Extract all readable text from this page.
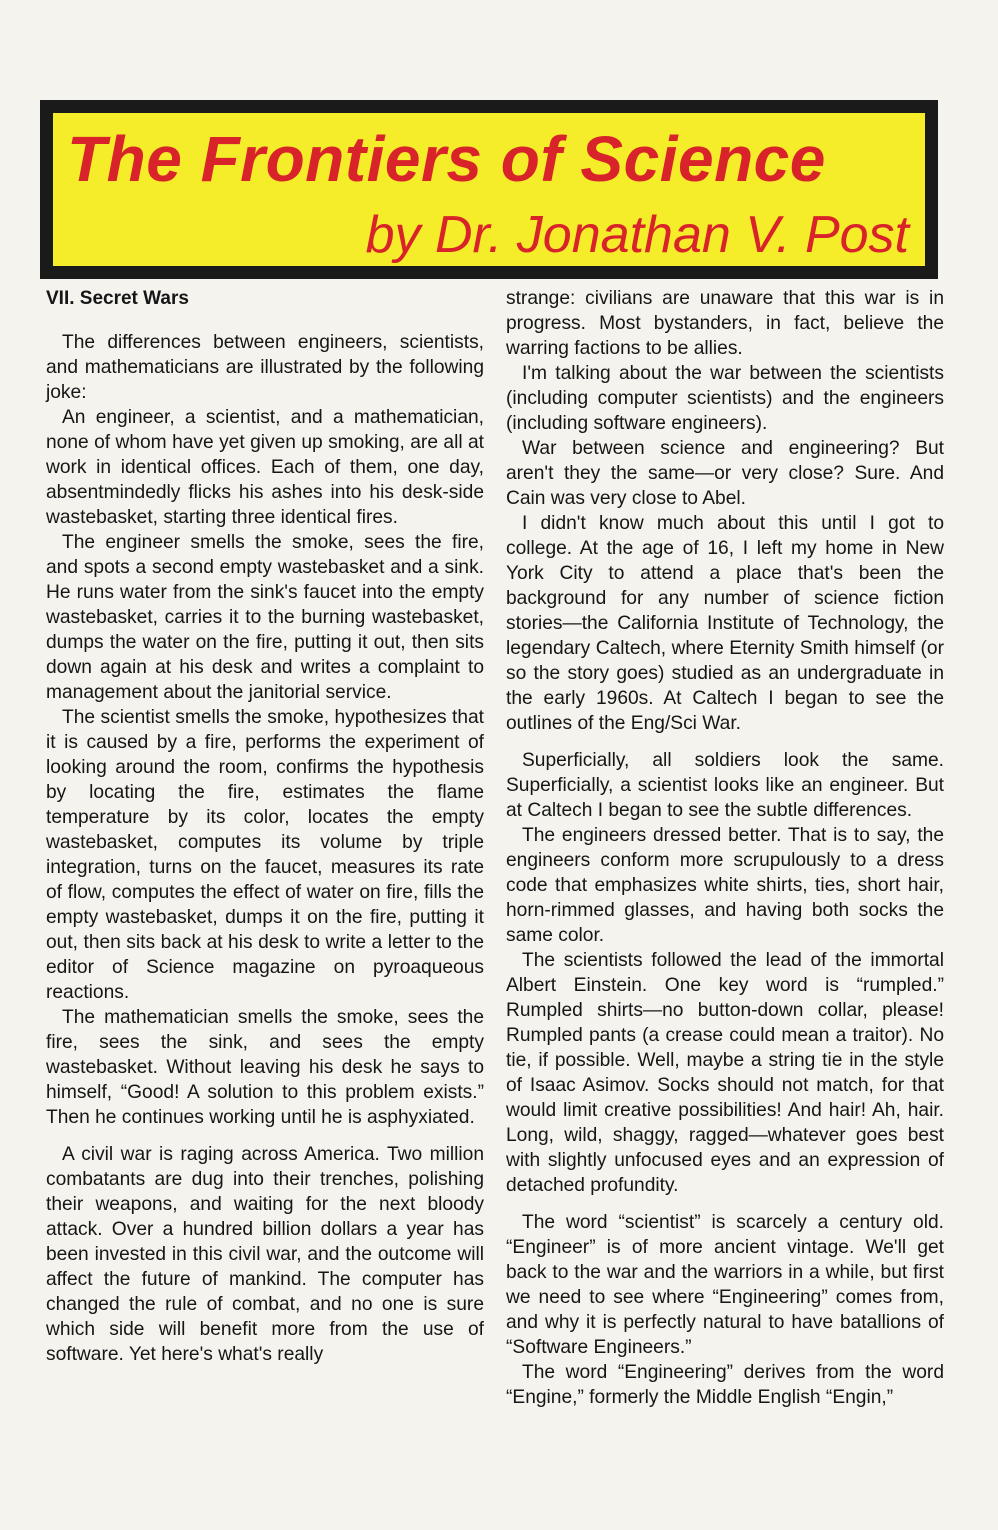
The Frontiers of Science
by Dr. Jonathan V. Post
VII. Secret Wars

The differences between engineers, scientists, and mathematicians are illustrated by the following joke:

An engineer, a scientist, and a mathematician, none of whom have yet given up smoking, are all at work in identical offices. Each of them, one day, absentmindedly flicks his ashes into his desk-side wastebasket, starting three identical fires.

The engineer smells the smoke, sees the fire, and spots a second empty wastebasket and a sink. He runs water from the sink's faucet into the empty wastebasket, carries it to the burning wastebasket, dumps the water on the fire, putting it out, then sits down again at his desk and writes a complaint to management about the janitorial service.

The scientist smells the smoke, hypothesizes that it is caused by a fire, performs the experiment of looking around the room, confirms the hypothesis by locating the fire, estimates the flame temperature by its color, locates the empty wastebasket, computes its volume by triple integration, turns on the faucet, measures its rate of flow, computes the effect of water on fire, fills the empty wastebasket, dumps it on the fire, putting it out, then sits back at his desk to write a letter to the editor of Science magazine on pyroaqueous reactions.

The mathematician smells the smoke, sees the fire, sees the sink, and sees the empty wastebasket. Without leaving his desk he says to himself, “Good! A solution to this problem exists.” Then he continues working until he is asphyxiated.

A civil war is raging across America. Two million combatants are dug into their trenches, polishing their weapons, and waiting for the next bloody attack. Over a hundred billion dollars a year has been invested in this civil war, and the outcome will affect the future of mankind. The computer has changed the rule of combat, and no one is sure which side will benefit more from the use of software. Yet here's what's really

strange: civilians are unaware that this war is in progress. Most bystanders, in fact, believe the warring factions to be allies.

I'm talking about the war between the scientists (including computer scientists) and the engineers (including software engineers).

War between science and engineering? But aren't they the same—or very close? Sure. And Cain was very close to Abel.

I didn't know much about this until I got to college. At the age of 16, I left my home in New York City to attend a place that's been the background for any number of science fiction stories—the California Institute of Technology, the legendary Caltech, where Eternity Smith himself (or so the story goes) studied as an undergraduate in the early 1960s. At Caltech I began to see the outlines of the Eng/Sci War.

Superficially, all soldiers look the same. Superficially, a scientist looks like an engineer. But at Caltech I began to see the subtle differences.

The engineers dressed better. That is to say, the engineers conform more scrupulously to a dress code that emphasizes white shirts, ties, short hair, horn-rimmed glasses, and having both socks the same color.

The scientists followed the lead of the immortal Albert Einstein. One key word is “rumpled.” Rumpled shirts—no button-down collar, please! Rumpled pants (a crease could mean a traitor). No tie, if possible. Well, maybe a string tie in the style of Isaac Asimov. Socks should not match, for that would limit creative possibilities! And hair! Ah, hair. Long, wild, shaggy, ragged—whatever goes best with slightly unfocused eyes and an expression of detached profundity.

The word “scientist” is scarcely a century old. “Engineer” is of more ancient vintage. We'll get back to the war and the warriors in a while, but first we need to see where “Engineering” comes from, and why it is perfectly natural to have batallions of “Software Engineers.”

The word “Engineering” derives from the word “Engine,” formerly the Middle English “Engin,”
